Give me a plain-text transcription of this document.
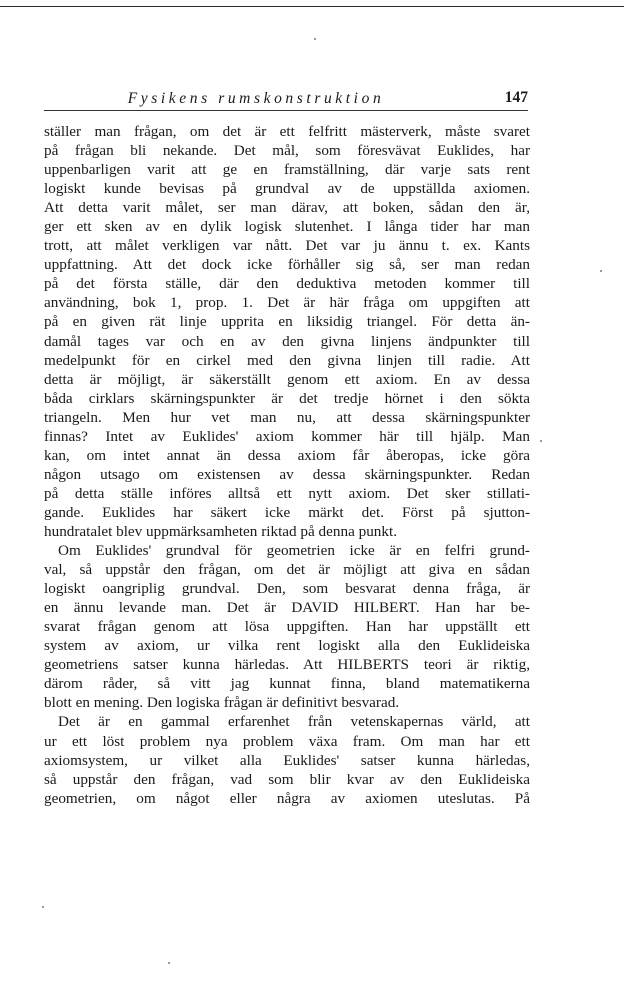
Fysikens rumskonstruktion	147
ställer man frågan, om det är ett felfritt mästerverk, måste svaret
på frågan bli nekande. Det mål, som föresvävat Euklides, har
uppenbarligen varit att ge en framställning, där varje sats rent
logiskt kunde bevisas på grundval av de uppställda axiomen.
Att detta varit målet, ser man därav, att boken, sådan den är,
ger ett sken av en dylik logisk slutenhet. I långa tider har man
trott, att målet verkligen var nått. Det var ju ännu t. ex. Kants
uppfattning. Att det dock icke förhåller sig så, ser man redan
på det första ställe, där den deduktiva metoden kommer till
användning, bok 1, prop. 1. Det är här fråga om uppgiften att
på en given rät linje upprita en liksidig triangel. För detta än-
damål tages var och en av den givna linjens ändpunkter till
medelpunkt för en cirkel med den givna linjen till radie. Att
detta är möjligt, är säkerställt genom ett axiom. En av dessa
båda cirklars skärningspunkter är det tredje hörnet i den sökta
triangeln. Men hur vet man nu, att dessa skärningspunkter
finnas? Intet av Euklides' axiom kommer här till hjälp. Man
kan, om intet annat än dessa axiom får åberopas, icke göra
någon utsago om existensen av dessa skärningspunkter. Redan
på detta ställe införes alltså ett nytt axiom. Det sker stillati-
gande. Euklides har säkert icke märkt det. Först på sjutton-
hundratalet blev uppmärksamheten riktad på denna punkt.
Om Euklides' grundval för geometrien icke är en felfri grund-
val, så uppstår den frågan, om det är möjligt att giva en sådan
logiskt oangriplig grundval. Den, som besvarat denna fråga, är
en ännu levande man. Det är DAVID HILBERT. Han har be-
svarat frågan genom att lösa uppgiften. Han har uppställt ett
system av axiom, ur vilka rent logiskt alla den Euklideiska
geometriens satser kunna härledas. Att HILBERTS teori är riktig,
därom råder, så vitt jag kunnat finna, bland matematikerna
blott en mening. Den logiska frågan är definitivt besvarad.
Det är en gammal erfarenhet från vetenskapernas värld, att
ur ett löst problem nya problem växa fram. Om man har ett
axiomsystem, ur vilket alla Euklides' satser kunna härledas,
så uppstår den frågan, vad som blir kvar av den Euklideiska
geometrien, om något eller några av axiomen uteslutas. På
